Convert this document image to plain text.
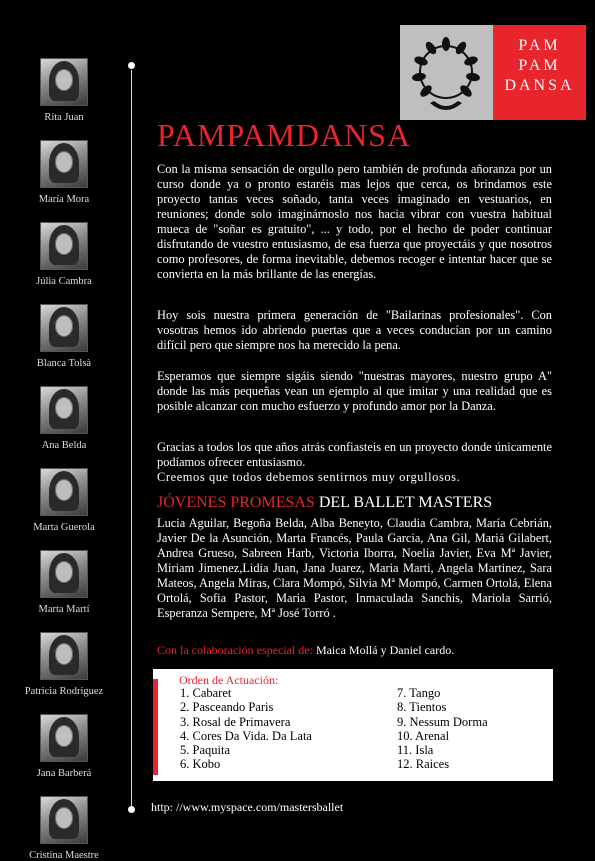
Rita Juan
María Mora
Júlia Cambra
Blanca Tolsà
Ana Belda
Marta Guerola
Marta Martí
Patricia Rodriguez
Jana Barberá
Cristina Maestre
PAM
PAM
DANSA
PAMPAMDANSA
Con la misma sensación de orgullo pero también de profunda añoranza por un curso donde ya o pronto estaréis mas lejos que cerca, os brindamos este proyecto tantas veces soñado, tanta veces imaginado en vestuarios, en reuniones; donde solo imaginárnoslo nos hacia vibrar con vuestra habitual mueca de "soñar es gratuito", ... y todo, por el hecho de poder continuar disfrutando de vuestro entusiasmo, de esa fuerza que proyectáis y que nosotros como profesores, de forma inevitable, debemos recoger e intentar hacer que se convierta en la más brillante de las energías.
Hoy sois nuestra primera generación de "Bailarinas profesionales". Con vosotras hemos ido abriendo puertas que a veces conducían por un camino difícil pero que siempre nos ha merecido la pena.
Esperamos que siempre sigáis siendo "nuestras mayores, nuestro grupo A" donde las más pequeñas vean un ejemplo al que imitar y una realidad que es posible alcanzar con mucho esfuerzo y profundo amor por la Danza.
Gracias a todos los que años atrás confiasteis en un proyecto donde únicamente podíamos ofrecer entusiasmo.
Creemos que todos debemos sentirnos muy orgullosos.
JÓVENES PROMESAS DEL BALLET MASTERS
Lucia Aguilar, Begoña Belda, Alba Beneyto, Claudia Cambra, María Cebrián, Javier De la Asunción, Marta Francés, Paula Garcia, Ana Gil, Mariá Gilabert, Andrea Grueso, Sabreen Harb, Victoria Iborra, Noelia Javier, Eva Mª Javier, Miriam Jimenez,Lidia Juan, Jana Juarez, Maria Marti, Angela Martinez, Sara Mateos, Angela Miras, Clara Mompó, Silvia Mª Mompó, Carmen Ortolá, Elena Ortolá, Sofia Pastor, Maria Pastor, Inmaculada Sanchis, Mariola Sarrió, Esperanza Sempere, Mª José Torró .
Con la colaboración especial de: Maica Mollá y Daniel cardo.
Orden de Actuación:
1. Cabaret
2. Pasceando Paris
3. Rosal de Primavera
4. Cores Da Vida. Da Lata
5. Paquita
6. Kobo
7. Tango
8. Tientos
9. Nessum Dorma
10. Arenal
11. Isla
12. Raices
http: //www.myspace.com/mastersballet
